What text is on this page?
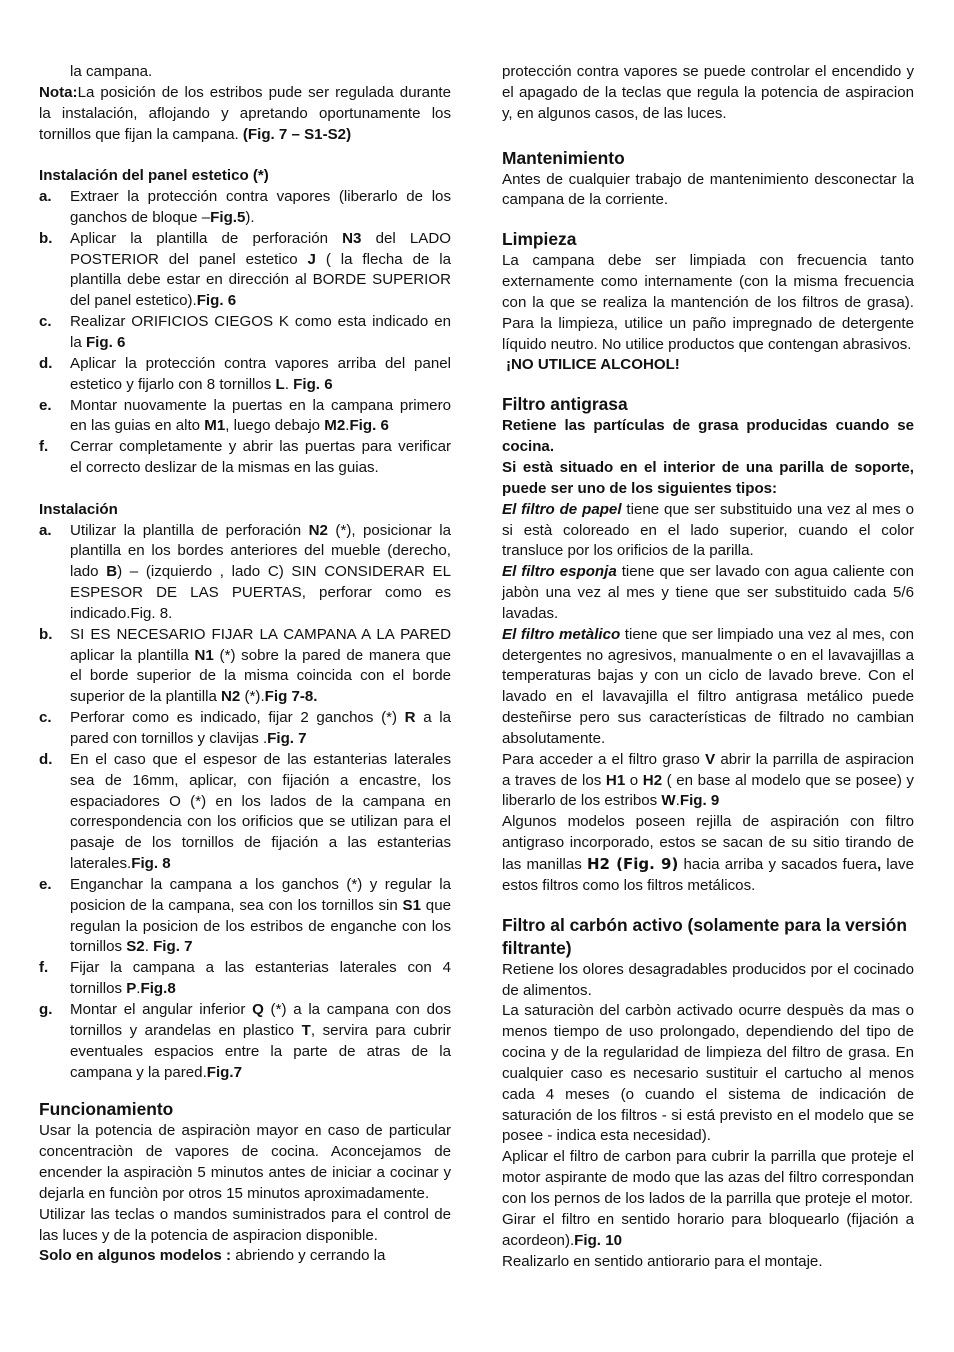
la campana.

Nota:La posición de los estribos pude ser regulada durante la instalación, aflojando y apretando oportunamente los tornillos que fijan la campana. (Fig. 7 – S1-S2)

Instalación del panel estetico (*)

a.	Extraer la protección contra vapores (liberarlo de los ganchos de bloque –Fig.5).
b.	Aplicar la plantilla de perforación N3 del LADO POSTERIOR del panel estetico J ( la flecha de la plantilla debe estar en dirección al BORDE SUPERIOR del panel estetico).Fig. 6
c.	Realizar ORIFICIOS CIEGOS K como esta indicado en la Fig. 6
d.	Aplicar la protección contra vapores arriba del panel estetico y fijarlo con 8 tornillos L. Fig. 6
e.	Montar nuovamente la puertas en la campana primero en las guias en alto M1, luego debajo M2.Fig. 6
f.	Cerrar completamente y abrir las puertas para verificar el correcto deslizar de la mismas en las guias.

Instalación

a.	Utilizar la plantilla de perforación N2 (*), posicionar la plantilla en los bordes anteriores del mueble (derecho, lado B) – (izquierdo , lado C) SIN CONSIDERAR EL ESPESOR DE LAS PUERTAS, perforar como es indicado.Fig. 8.
b.	SI ES NECESARIO FIJAR LA CAMPANA A LA PARED aplicar la plantilla N1 (*) sobre la pared de manera que el borde superior de la misma coincida con el borde superior de la plantilla N2 (*).Fig 7-8.
c.	Perforar como es indicado, fijar 2 ganchos (*) R a la pared con tornillos y clavijas .Fig. 7
d.	En el caso que el espesor de las estanterias laterales sea de 16mm, aplicar, con fijación a encastre, los espaciadores O (*) en los lados de la campana en correspondencia con los orificios que se utilizan para el pasaje de los tornillos de fijación a las estanterias laterales.Fig. 8
e.	Enganchar la campana a los ganchos (*) y regular la posicion de la campana, sea con los tornillos sin S1 que regulan la posicion de los estribos de enganche con los tornillos S2. Fig. 7
f.	Fijar la campana a las estanterias laterales con 4 tornillos P.Fig.8
g.	Montar el angular inferior Q (*) a la campana con dos tornillos y arandelas en plastico T, servira para cubrir eventuales espacios entre la parte de atras de la campana y la pared.Fig.7

Funcionamiento

Usar la potencia de aspiraciòn mayor en caso de particular concentraciòn de vapores de cocina. Aconcejamos de encender la aspiraciòn 5 minutos antes de iniciar a cocinar y dejarla en funciòn por otros 15 minutos aproximadamente.

Utilizar las teclas o mandos suministrados para el control de las luces y de la potencia de aspiracion disponible.

Solo en algunos modelos : abriendo y cerrando la

protección contra vapores se puede controlar el encendido y el apagado de la teclas que regula la potencia de aspiracion y, en algunos casos, de las luces.

Mantenimiento

Antes de cualquier trabajo de mantenimiento desconectar la campana de la corriente.

Limpieza

La campana debe ser limpiada con frecuencia tanto externamente como internamente (con la misma frecuencia con la que se realiza la mantención de los filtros de grasa). Para la limpieza, utilice un paño impregnado de detergente líquido neutro. No utilice productos que contengan abrasivos.

¡NO UTILICE ALCOHOL!

Filtro antigrasa

Retiene las partículas de grasa producidas cuando se cocina.

Si està situado en el interior de una parilla de soporte, puede ser uno de los siguientes tipos:

El filtro de papel tiene que ser substituido una vez al mes o si està coloreado en el lado superior, cuando el color transluce por los orificios de la parilla.

El filtro esponja tiene que ser lavado con agua caliente con jabòn una vez al mes y tiene que ser substituido cada 5/6 lavadas.

El filtro metàlico tiene que ser limpiado una vez al mes, con detergentes no agresivos, manualmente o en el lavavajillas a temperaturas bajas y con un ciclo de lavado breve. Con el lavado en el lavavajilla el filtro antigrasa metálico puede desteñirse pero sus características de filtrado no cambian absolutamente.

Para acceder a el filtro graso V abrir la parrilla de aspiracion a traves de los H1 o H2 ( en base al modelo que se posee) y liberarlo de los estribos W.Fig. 9

Algunos modelos poseen rejilla de aspiración con filtro antigraso incorporado, estos se sacan de su sitio tirando de las manillas H2 (Fig. 9) hacia arriba y sacados fuera, lave estos filtros como los filtros metálicos.

Filtro al carbón activo (solamente para la versión filtrante)

Retiene los olores desagradables producidos por el cocinado de alimentos.

La saturaciòn del carbòn activado ocurre despuès da mas o menos tiempo de uso prolongado, dependiendo del tipo de cocina y de la regularidad de limpieza del filtro de grasa. En cualquier caso es necesario sustituir el cartucho al menos cada 4 meses (o cuando el sistema de indicación de saturación de los filtros - si está previsto en el modelo que se posee - indica esta necesidad).

Aplicar el filtro de carbon para cubrir la parrilla que proteje el motor aspirante de modo que las azas del filtro correspondan con los pernos de los lados de la parrilla que proteje el motor.

Girar el filtro en sentido horario para bloquearlo (fijación a acordeon).Fig. 10

Realizarlo en sentido antiorario para el montaje.
